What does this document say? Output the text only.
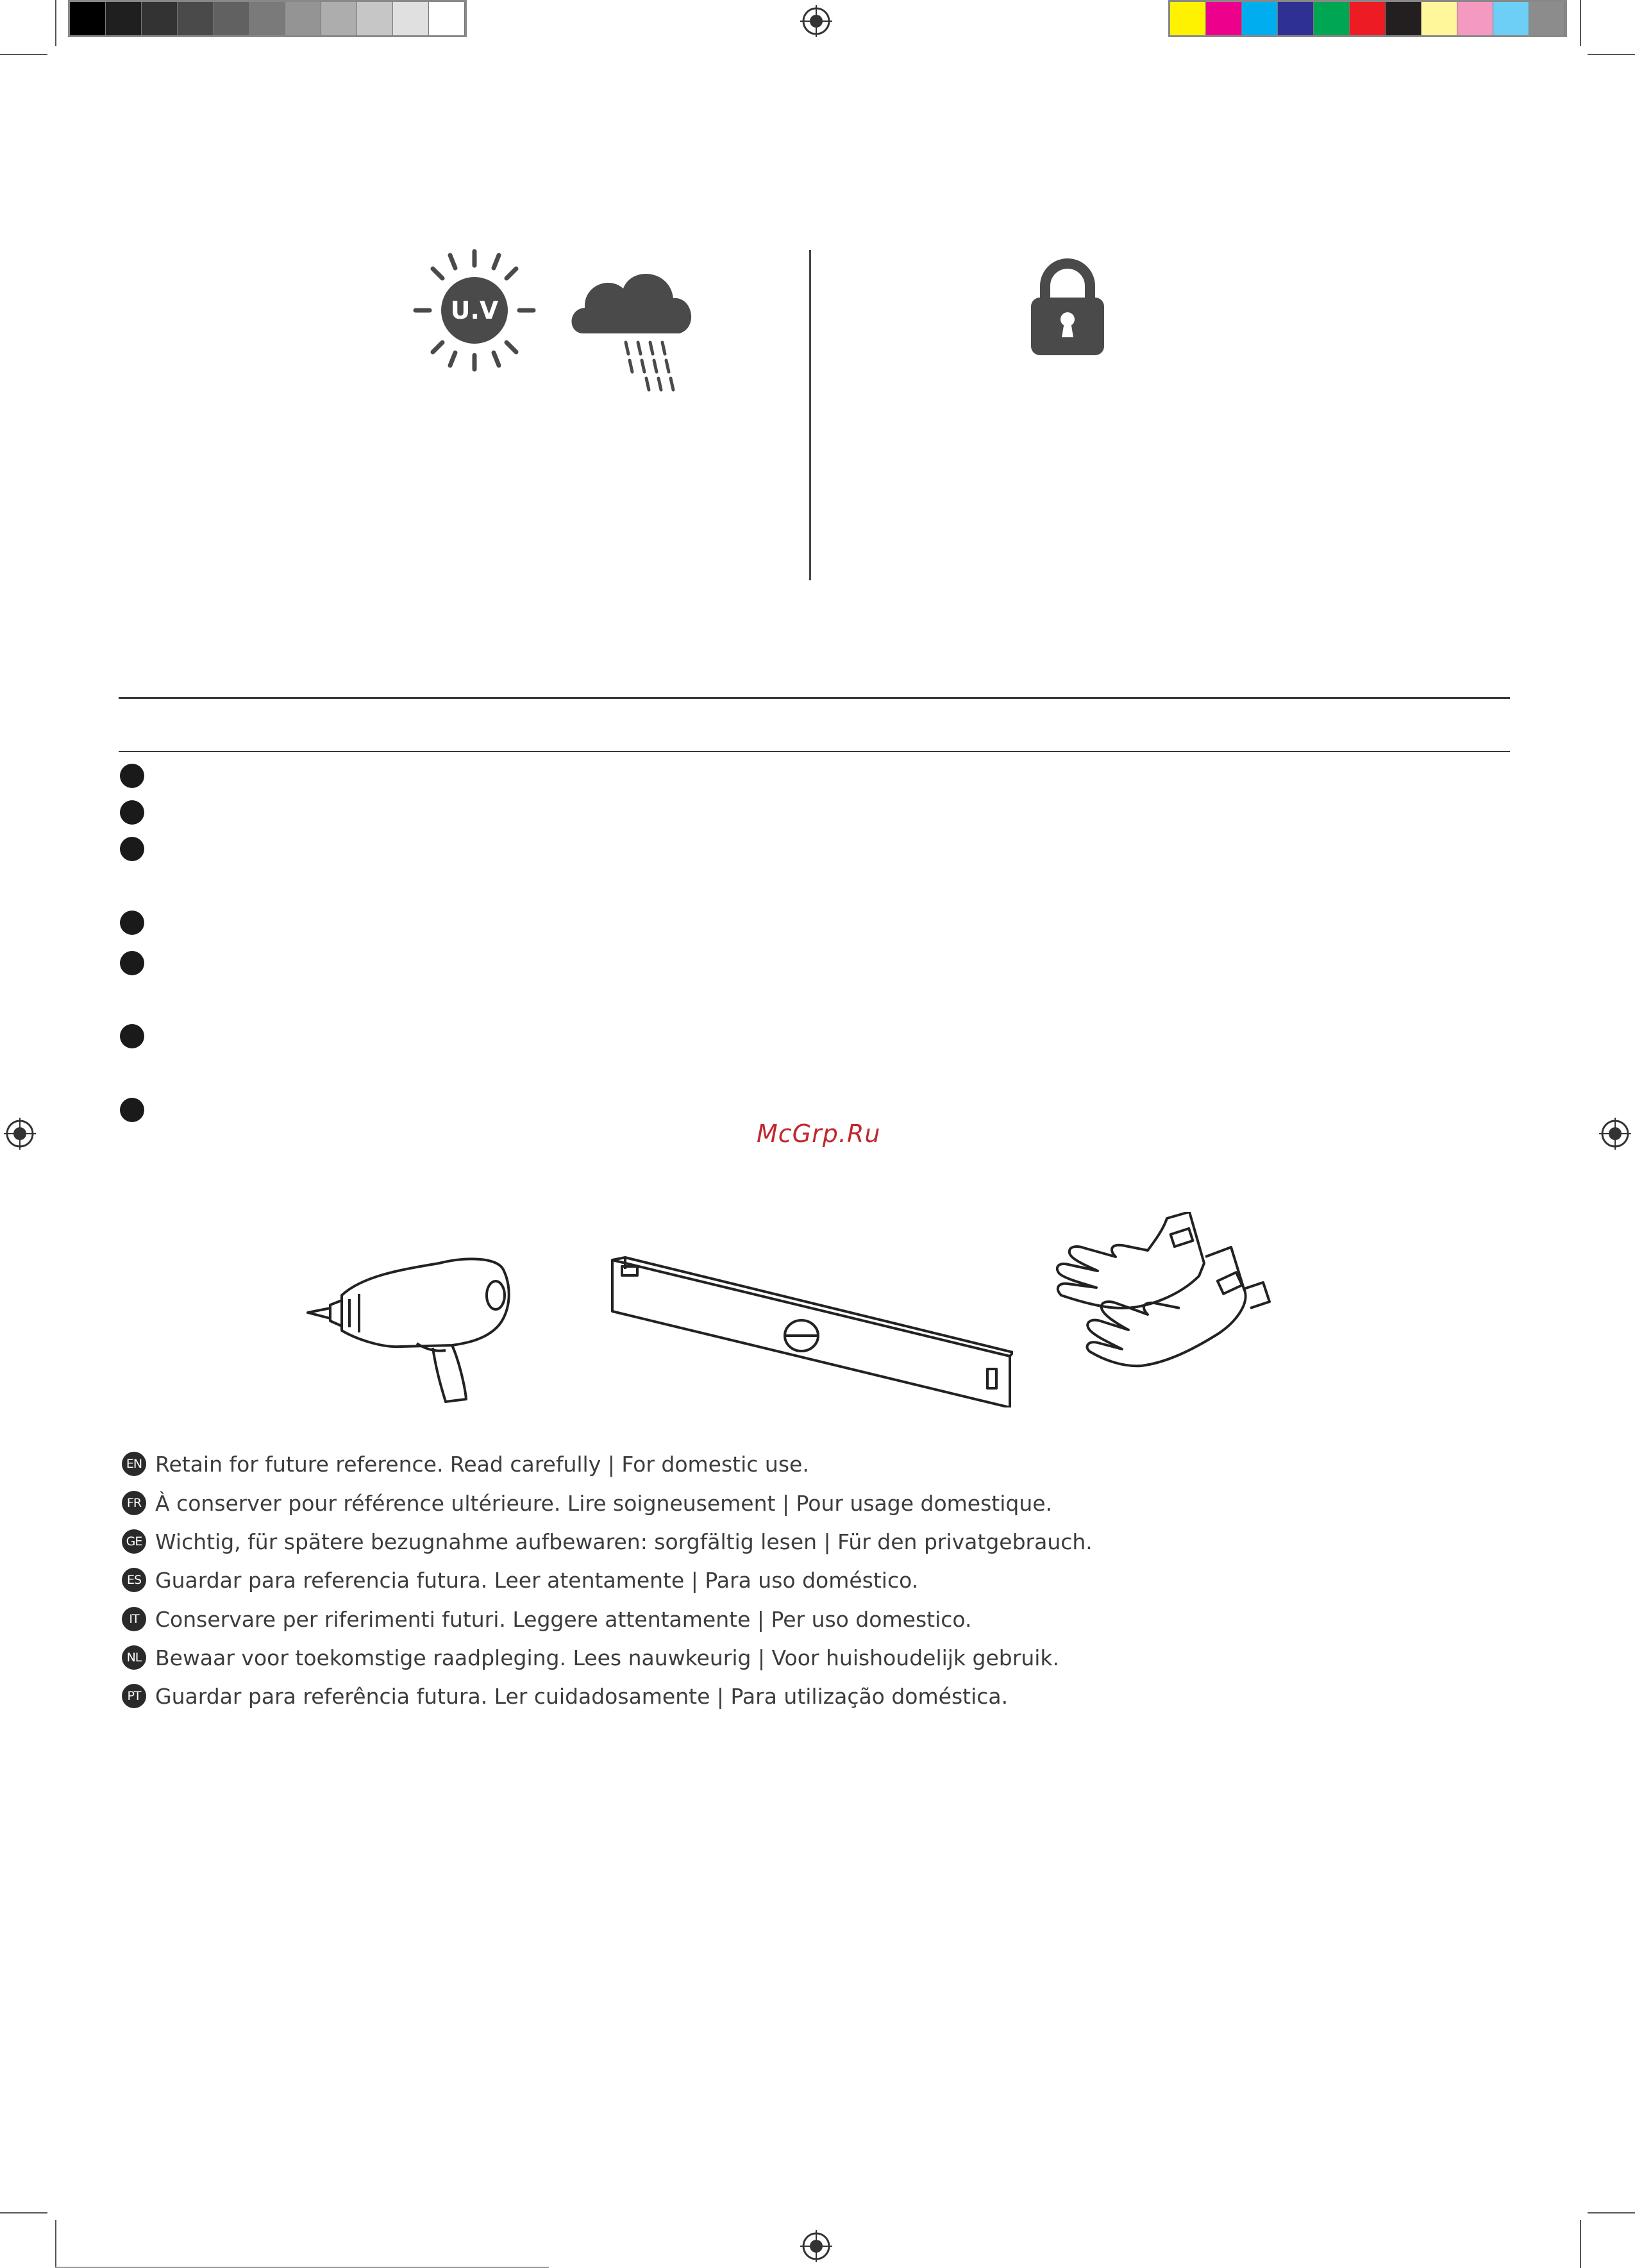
U.V
McGrp.Ru
EN Retain for future reference. Read carefully | For domestic use.
FR À conserver pour référence ultérieure. Lire soigneusement | Pour usage domestique.
GE Wichtig, für spätere bezugnahme aufbewaren: sorgfältig lesen | Für den privatgebrauch.
ES Guardar para referencia futura. Leer atentamente | Para uso doméstico.
IT Conservare per riferimenti futuri. Leggere attentamente | Per uso domestico.
NL Bewaar voor toekomstige raadpleging. Lees nauwkeurig | Voor huishoudelijk gebruik.
PT Guardar para referência futura. Ler cuidadosamente | Para utilização doméstica.
